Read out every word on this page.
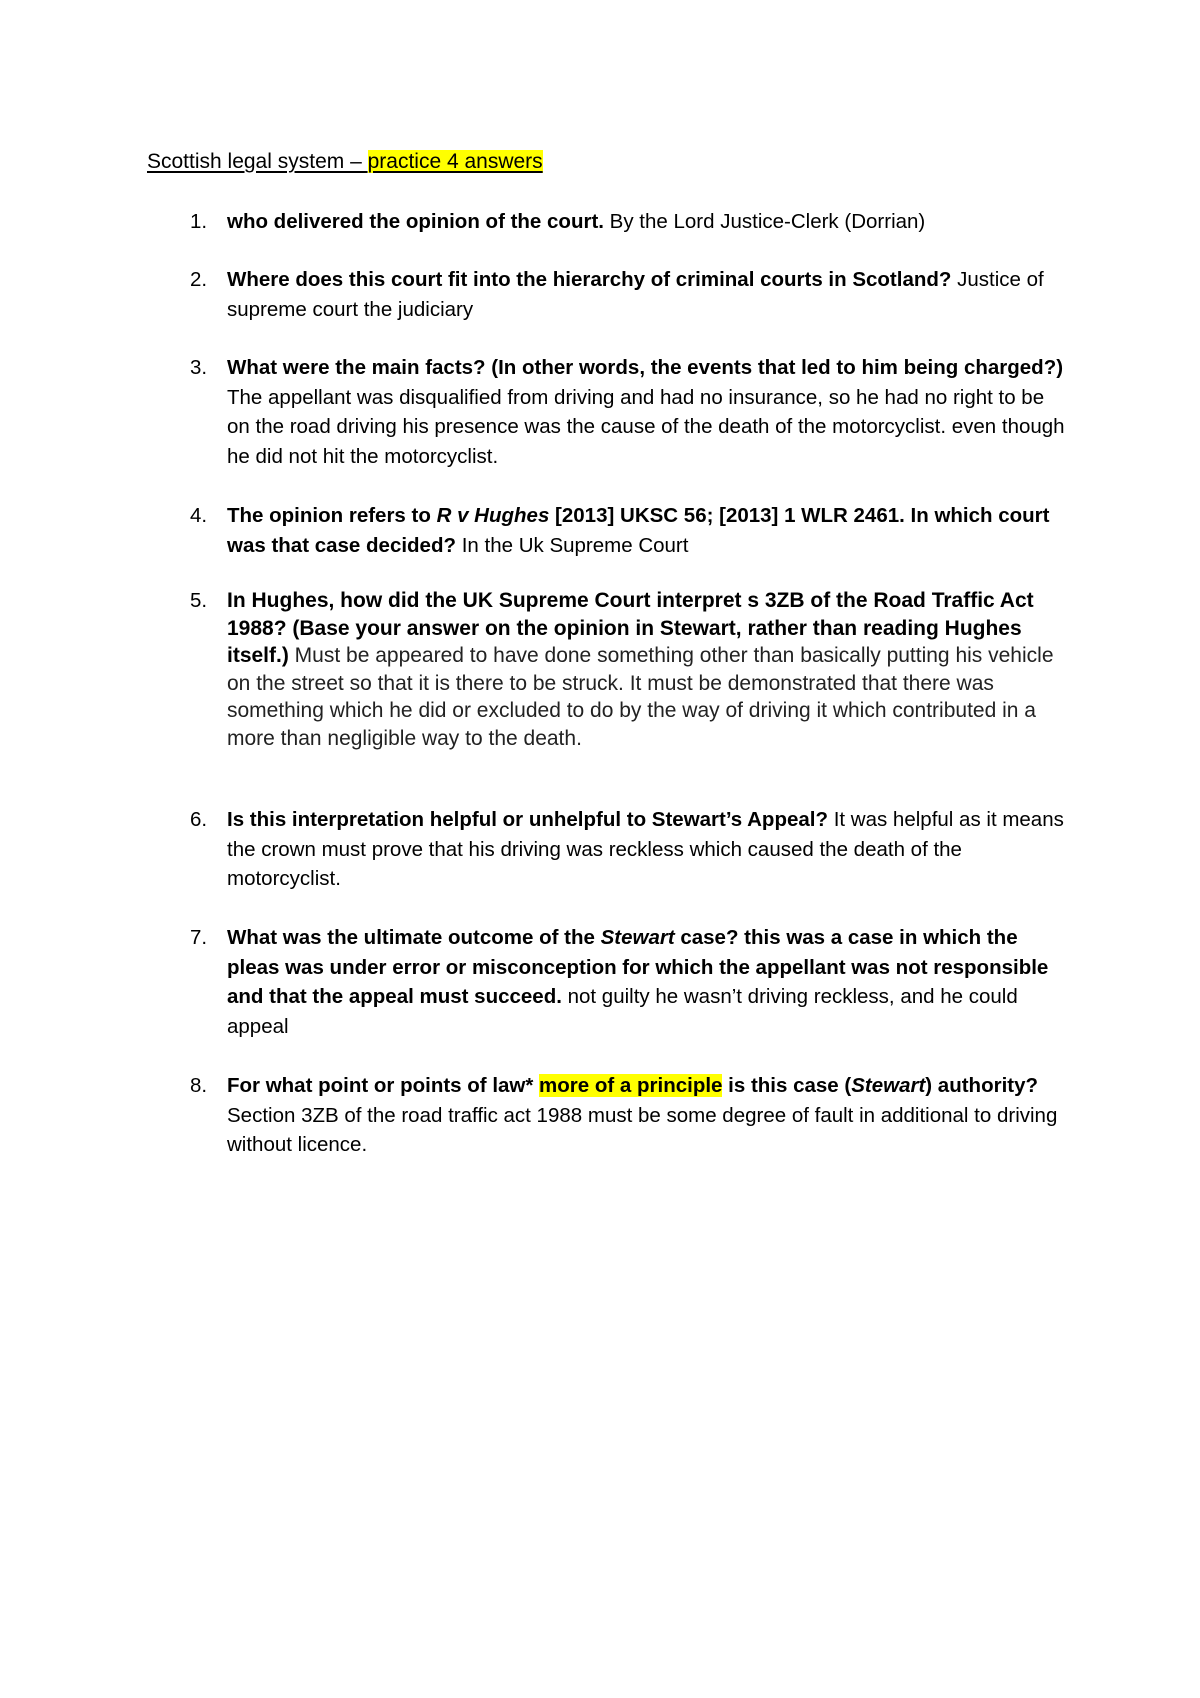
Scottish legal system – practice 4 answers
1. who delivered the opinion of the court. By the Lord Justice-Clerk (Dorrian)
2. Where does this court fit into the hierarchy of criminal courts in Scotland? Justice of supreme court the judiciary
3. What were the main facts? (In other words, the events that led to him being charged?) The appellant was disqualified from driving and had no insurance, so he had no right to be on the road driving his presence was the cause of the death of the motorcyclist. even though he did not hit the motorcyclist.
4. The opinion refers to R v Hughes [2013] UKSC 56; [2013] 1 WLR 2461. In which court was that case decided? In the Uk Supreme Court
5. In Hughes, how did the UK Supreme Court interpret s 3ZB of the Road Traffic Act 1988? (Base your answer on the opinion in Stewart, rather than reading Hughes itself.) Must be appeared to have done something other than basically putting his vehicle on the street so that it is there to be struck. It must be demonstrated that there was something which he did or excluded to do by the way of driving it which contributed in a more than negligible way to the death.
6. Is this interpretation helpful or unhelpful to Stewart’s Appeal? It was helpful as it means the crown must prove that his driving was reckless which caused the death of the motorcyclist.
7. What was the ultimate outcome of the Stewart case? this was a case in which the pleas was under error or misconception for which the appellant was not responsible and that the appeal must succeed. not guilty he wasn’t driving reckless, and he could appeal
8. For what point or points of law* more of a principle is this case (Stewart) authority? Section 3ZB of the road traffic act 1988 must be some degree of fault in additional to driving without licence.
